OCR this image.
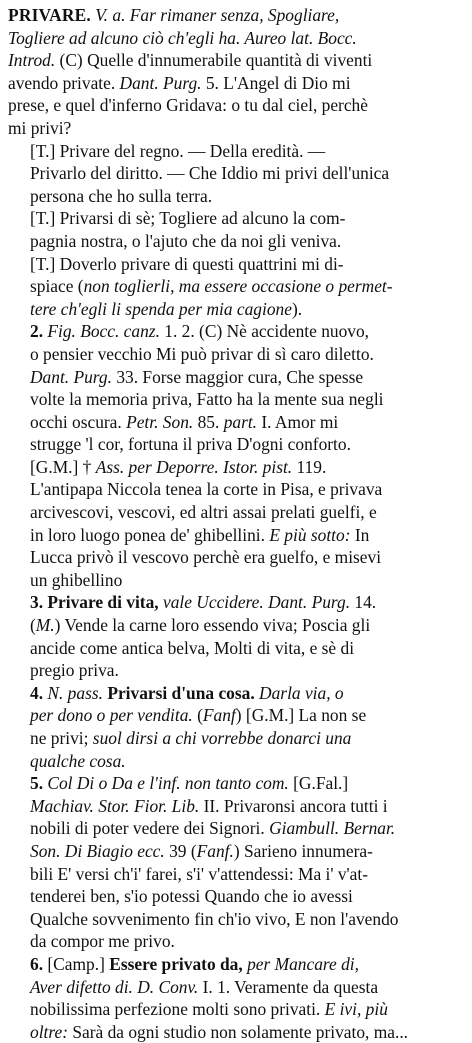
PRIVARE. V. a. Far rimaner senza, Spogliare,
Togliere ad alcuno ciò ch'egli ha. Aureo lat. Bocc.
Introd. (C) Quelle d'innumerabile quantità di viventi
avendo private. Dant. Purg. 5. L'Angel di Dio mi
prese, e quel d'inferno Gridava: o tu dal ciel, perchè
mi privi?
[T.] Privare del regno. — Della eredità. —
Privarlo del diritto. — Che Iddio mi privi dell'unica
persona che ho sulla terra.
[T.] Privarsi di sè; Togliere ad alcuno la com-
pagnia nostra, o l'ajuto che da noi gli veniva.
[T.] Doverlo privare di questi quattrini mi di-
spiace (non toglierli, ma essere occasione o permet-
tere ch'egli li spenda per mia cagione).
2. Fig. Bocc. canz. 1. 2. (C) Nè accidente nuovo,
o pensier vecchio Mi può privar di sì caro diletto.
Dant. Purg. 33. Forse maggior cura, Che spesse
volte la memoria priva, Fatto ha la mente sua negli
occhi oscura. Petr. Son. 85. part. I. Amor mi
strugge 'l cor, fortuna il priva D'ogni conforto.
[G.M.] † Ass. per Deporre. Istor. pist. 119.
L'antipapa Niccola tenea la corte in Pisa, e privava
arcivescovi, vescovi, ed altri assai prelati guelfi, e
in loro luogo ponea de' ghibellini. E più sotto: In
Lucca privò il vescovo perchè era guelfo, e misevi
un ghibellino
3. Privare di vita, vale Uccidere. Dant. Purg. 14.
(M.) Vende la carne loro essendo viva; Poscia gli
ancide come antica belva, Molti di vita, e sè di
pregio priva.
4. N. pass. Privarsi d'una cosa. Darla via, o
per dono o per vendita. (Fanf) [G.M.] La non se
ne privi; suol dirsi a chi vorrebbe donarci una
qualche cosa.
5. Col Di o Da e l'inf. non tanto com. [G.Fal.]
Machiav. Stor. Fior. Lib. II. Privaronsi ancora tutti i
nobili di poter vedere dei Signori. Giambull. Bernar.
Son. Di Biagio ecc. 39 (Fanf.) Sarieno innumera-
bili E' versi ch'i' farei, s'i' v'attendessi: Ma i' v'at-
tenderei ben, s'io potessi Quando che io avessi
Qualche sovvenimento fin ch'io vivo, E non l'avendo
da compor me privo.
6. [Camp.] Essere privato da, per Mancare di,
Aver difetto di. D. Conv. I. 1. Veramente da questa
nobilissima perfezione molti sono privati. E ivi, più
oltre: Sarà da ogni studio non solamente privato, ma...
